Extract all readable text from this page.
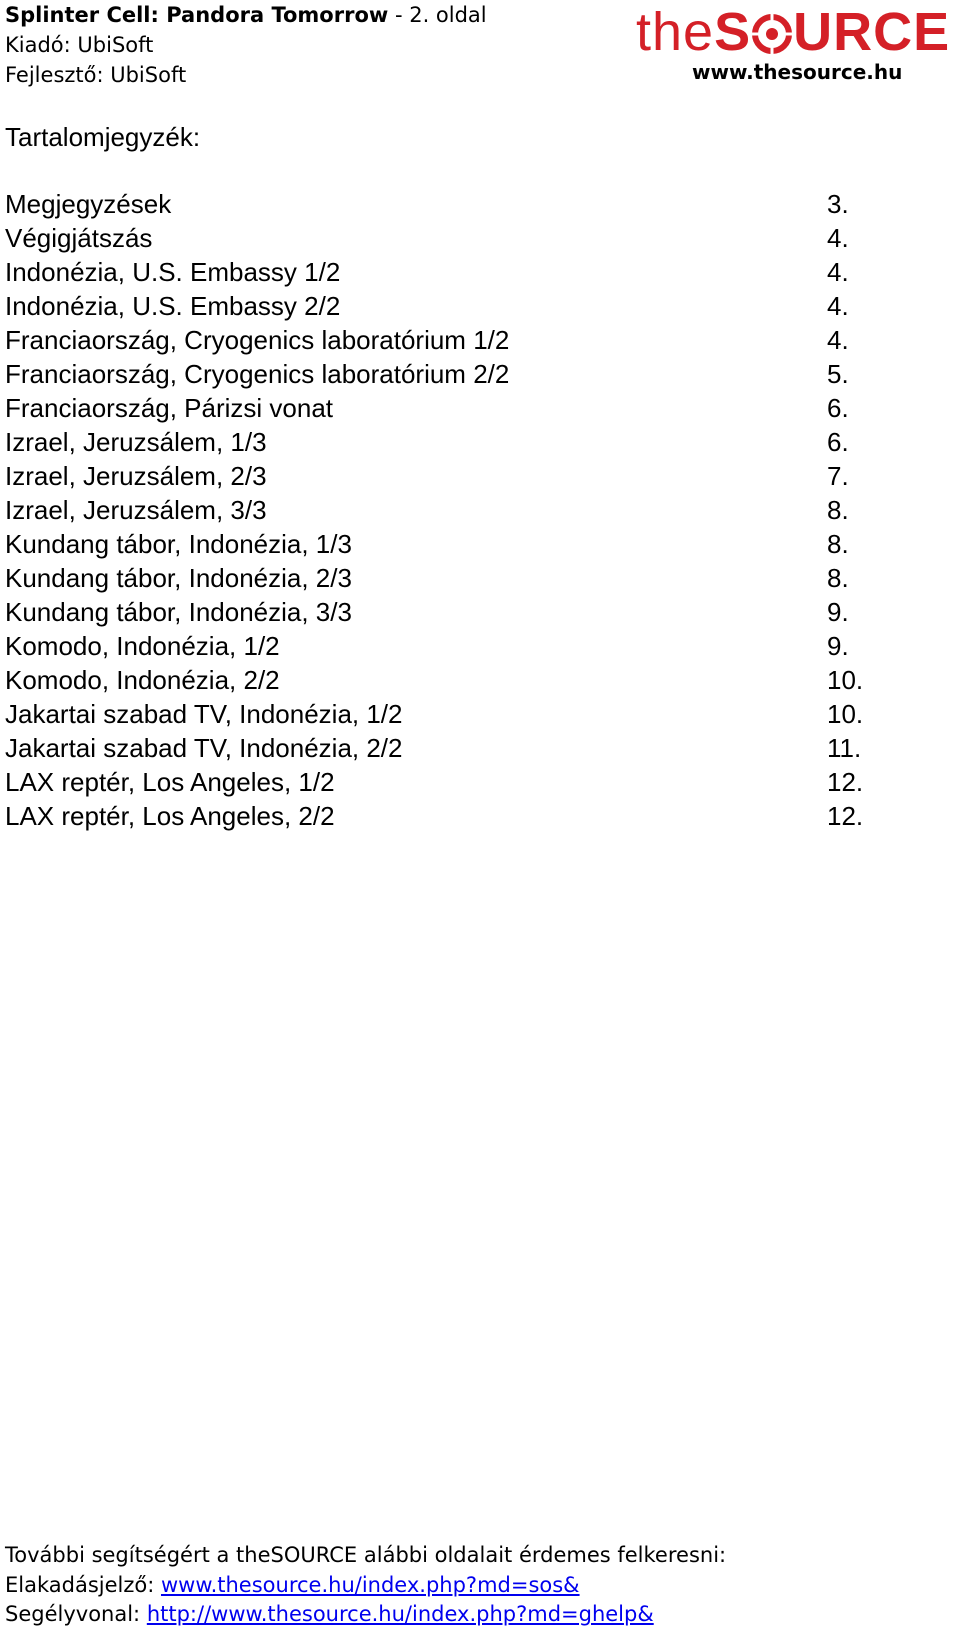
Splinter Cell: Pandora Tomorrow - 2. oldal
Kiadó: UbiSoft
Fejlesztő: UbiSoft
theS URCE
www.thesource.hu
Tartalomjegyzék:
Megjegyzések	3.
Végigjátszás	4.
Indonézia, U.S. Embassy 1/2	4.
Indonézia, U.S. Embassy 2/2	4.
Franciaország, Cryogenics laboratórium 1/2	4.
Franciaország, Cryogenics laboratórium 2/2	5.
Franciaország, Párizsi vonat	6.
Izrael, Jeruzsálem, 1/3	6.
Izrael, Jeruzsálem, 2/3	7.
Izrael, Jeruzsálem, 3/3	8.
Kundang tábor, Indonézia, 1/3	8.
Kundang tábor, Indonézia, 2/3	8.
Kundang tábor, Indonézia, 3/3	9.
Komodo, Indonézia, 1/2	9.
Komodo, Indonézia, 2/2	10.
Jakartai szabad TV, Indonézia, 1/2	10.
Jakartai szabad TV, Indonézia, 2/2	11.
LAX reptér, Los Angeles, 1/2	12.
LAX reptér, Los Angeles, 2/2	12.
További segítségért a theSOURCE alábbi oldalait érdemes felkeresni:
Elakadásjelző: www.thesource.hu/index.php?md=sos&
Segélyvonal: http://www.thesource.hu/index.php?md=ghelp&
